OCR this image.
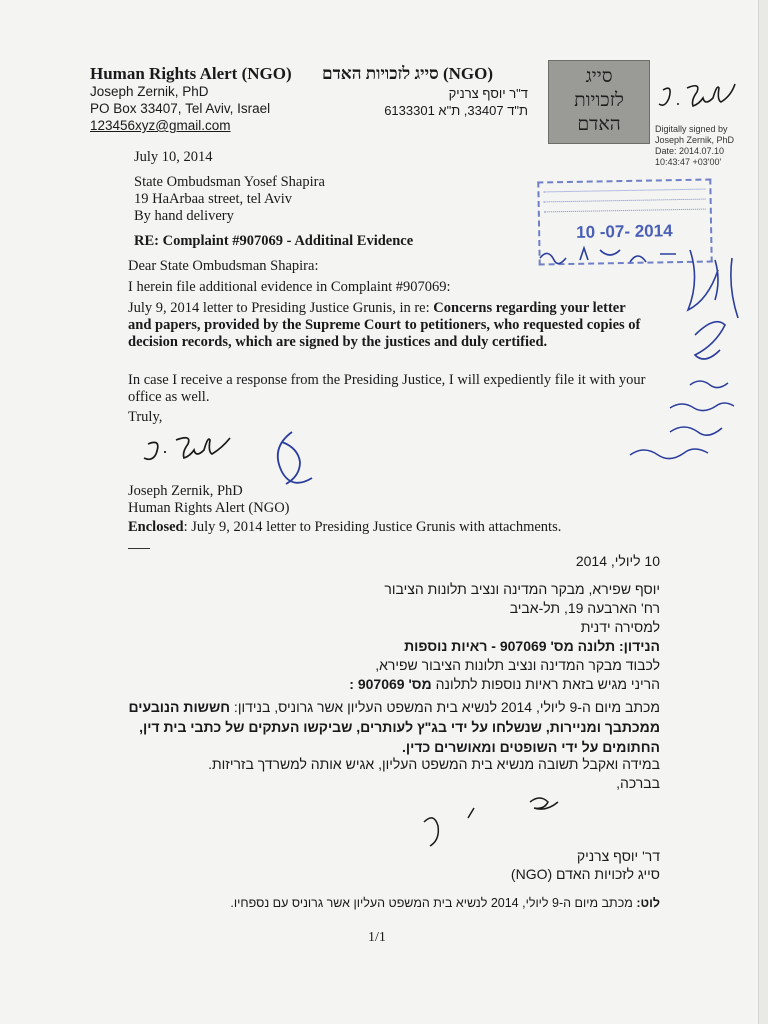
Human Rights Alert (NGO) (NGO) סייג לזכויות האדם
Joseph Zernik, PhD
PO Box 33407, Tel Aviv, Israel
123456xyz@gmail.com
ד"ר יוסף צרניק
ת"ד 33407, ת"א 6133301
סייג
לזכויות
האדם	Digitally signed by
Joseph Zernik, PhD
Date: 2014.07.10
10:43:47 +03'00'
10 -07- 2014
July 10, 2014
State Ombudsman Yosef Shapira
19 HaArbaa street, tel Aviv
By hand delivery
RE: Complaint #907069 - Additinal Evidence
Dear State Ombudsman Shapira:
I herein file additional evidence in Complaint #907069:
July 9, 2014 letter to Presiding Justice Grunis, in re: Concerns regarding your letter and papers, provided by the Supreme Court to petitioners, who requested copies of decision records, which are signed by the justices and duly certified.
In case I receive a response from the Presiding Justice, I will expediently file it with your office as well.
Truly,
Joseph Zernik, PhD
Human Rights Alert (NGO)
Enclosed: July 9, 2014 letter to Presiding Justice Grunis with attachments.
10 ליולי, 2014
יוסף שפירא, מבקר המדינה ונציב תלונות הציבור
רח' הארבעה 19, תל-אביב
למסירה ידנית
הנידון: תלונה מס' 907069 - ראיות נוספות
לכבוד מבקר המדינה ונציב תלונות הציבור שפירא,
הריני מגיש בזאת ראיות נוספות לתלונה מס' 907069 :
מכתב מיום ה-9 ליולי, 2014 לנשיא בית המשפט העליון אשר גרוניס, בנידון: חששות הנובעים ממכתבך ומניירות, שנשלחו על ידי בג"ץ לעותרים, שביקשו העתקים של כתבי בית דין, החתומים על ידי השופטים ומאושרים כדין.
במידה ואקבל תשובה מנשיא בית המשפט העליון, אגיש אותה למשרדך בזריזות.
בברכה,
דר' יוסף צרניק
סייג לזכויות האדם (NGO)
לוט: מכתב מיום ה-9 ליולי, 2014 לנשיא בית המשפט העליון אשר גרוניס עם נספחיו.
1/1
